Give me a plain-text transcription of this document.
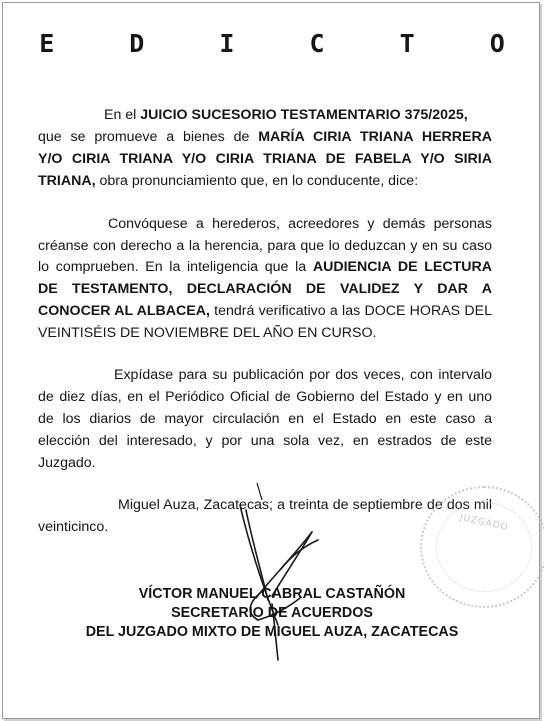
E D I C T O
En el JUICIO SUCESORIO TESTAMENTARIO 375/2025,
que se promueve a bienes de MARÍA CIRIA TRIANA HERRERA
Y/O CIRIA TRIANA Y/O CIRIA TRIANA DE FABELA Y/O SIRIA
TRIANA, obra pronunciamiento que, en lo conducente, dice:
Convóquese a herederos, acreedores y demás personas
créanse con derecho a la herencia, para que lo deduzcan y en su caso
lo comprueben. En la inteligencia que la AUDIENCIA DE LECTURA
DE TESTAMENTO, DECLARACIÓN DE VALIDEZ Y DAR A
CONOCER AL ALBACEA, tendrá verificativo a las DOCE HORAS DEL
VEINTISÉIS DE NOVIEMBRE DEL AÑO EN CURSO.
Expídase para su publicación por dos veces, con intervalo
de diez días, en el Periódico Oficial de Gobierno del Estado y en uno
de los diarios de mayor circulación en el Estado en este caso a
elección del interesado, y por una sola vez, en estrados de este
Juzgado.
Miguel Auza, Zacatecas; a treinta de septiembre de dos mil
veinticinco.	JUZGADO
VÍCTOR MANUEL CABRAL CASTAÑÓN
SECRETARIO DE ACUERDOS
DEL JUZGADO MIXTO DE MIGUEL AUZA, ZACATECAS
